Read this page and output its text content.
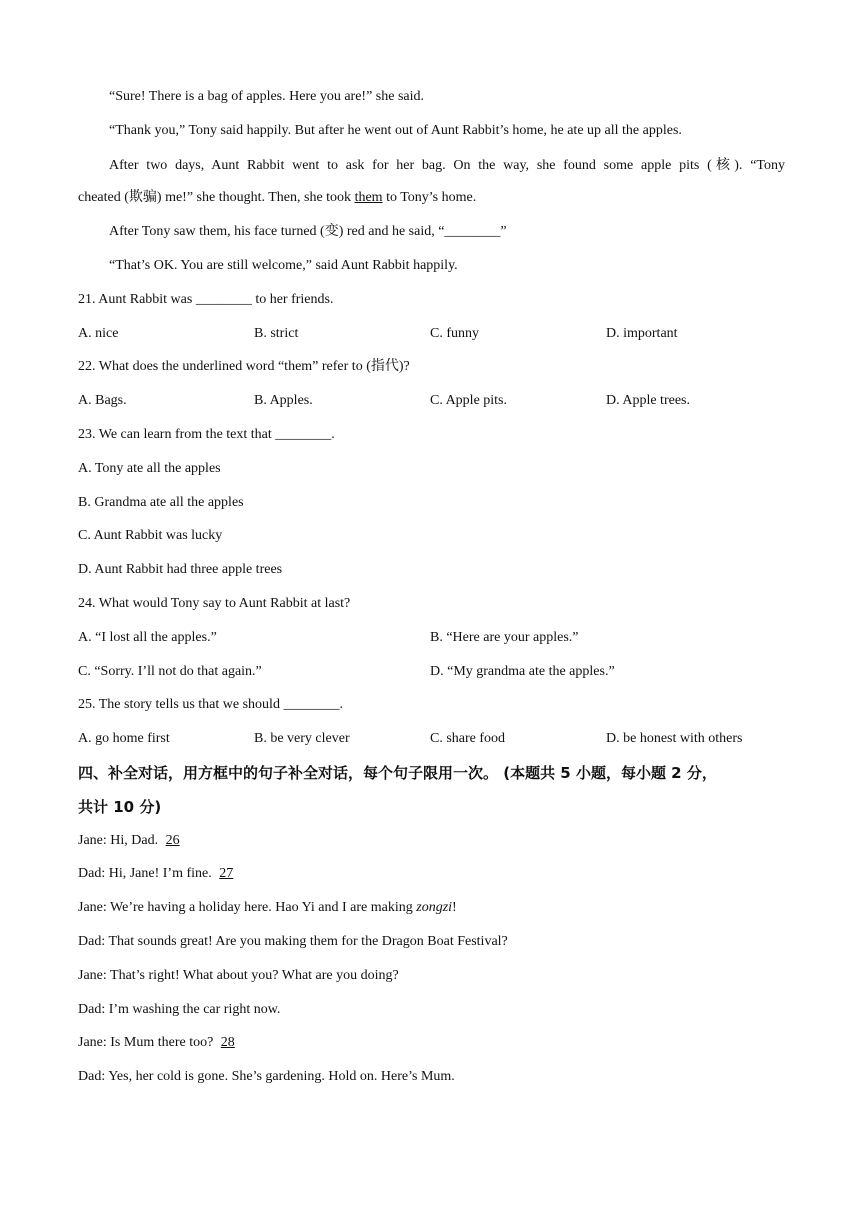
“Sure! There is a bag of apples. Here you are!” she said.
“Thank you,” Tony said happily. But after he went out of Aunt Rabbit’s home, he ate up all the apples.
After two days, Aunt Rabbit went to ask for her bag. On the way, she found some apple pits (核). “Tony
cheated (欺骗) me!” she thought. Then, she took them to Tony’s home.
After Tony saw them, his face turned (变) red and he said, “________”
“That’s OK. You are still welcome,” said Aunt Rabbit happily.
21. Aunt Rabbit was ________ to her friends.
A. nice	B. strict	C. funny	D. important
22. What does the underlined word “them” refer to (指代)?
A. Bags.	B. Apples.	C. Apple pits.	D. Apple trees.
23. We can learn from the text that ________.
A. Tony ate all the apples
B. Grandma ate all the apples
C. Aunt Rabbit was lucky
D. Aunt Rabbit had three apple trees
24. What would Tony say to Aunt Rabbit at last?
A. “I lost all the apples.”	B. “Here are your apples.”
C. “Sorry. I’ll not do that again.”	D. “My grandma ate the apples.”
25. The story tells us that we should ________.
A. go home first	B. be very clever	C. share food	D. be honest with others
四、补全对话，用方框中的句子补全对话，每个句子限用一次。 (本题共 5 小题，每小题 2 分，
共计 10 分)
Jane: Hi, Dad. 26
Dad: Hi, Jane! I’m fine. 27
Jane: We’re having a holiday here. Hao Yi and I are making zongzi!
Dad: That sounds great! Are you making them for the Dragon Boat Festival?
Jane: That’s right! What about you? What are you doing?
Dad: I’m washing the car right now.
Jane: Is Mum there too? 28
Dad: Yes, her cold is gone. She’s gardening. Hold on. Here’s Mum.
